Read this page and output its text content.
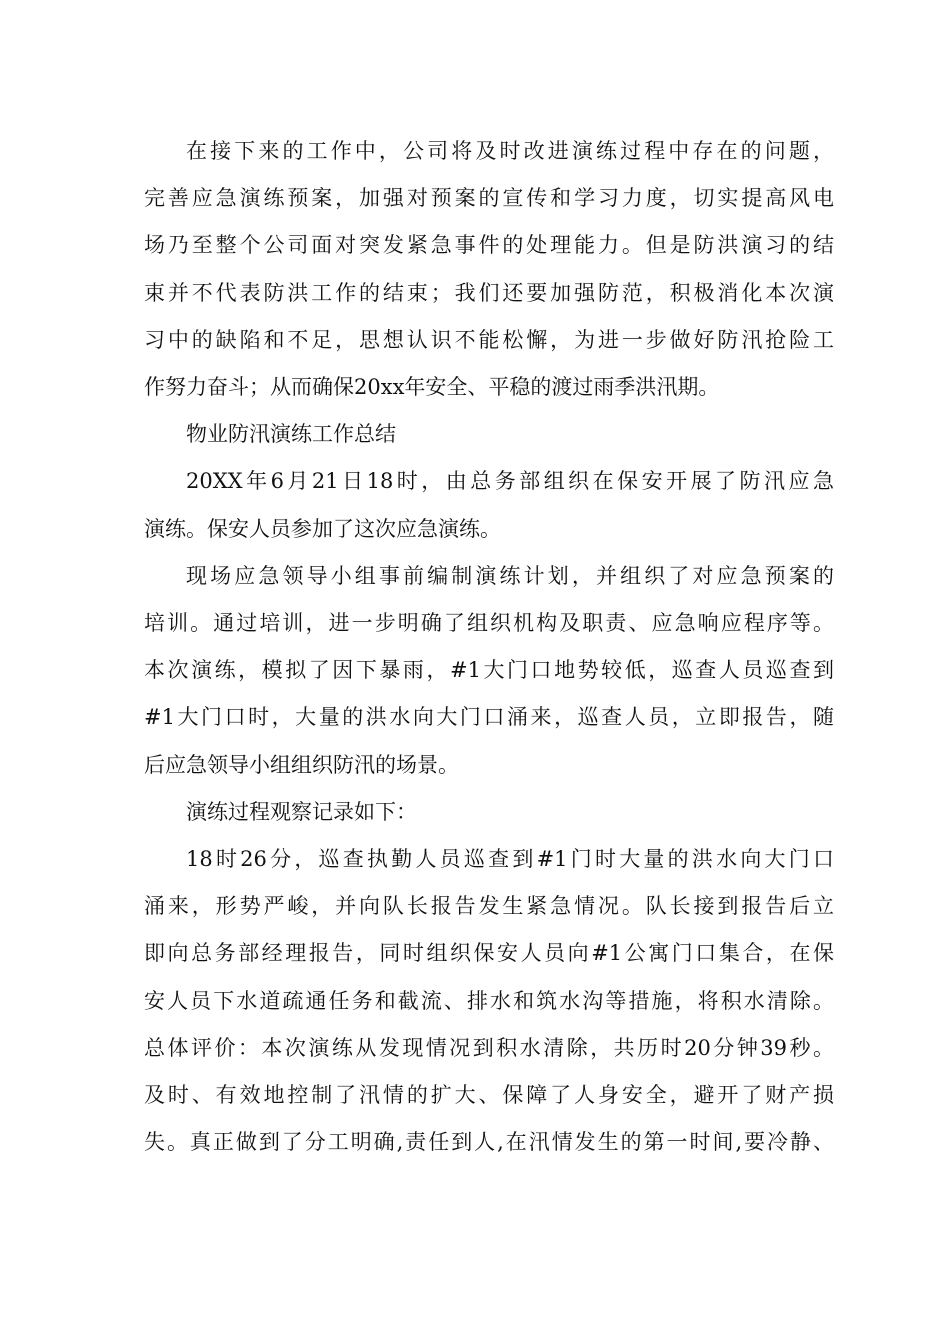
在接下来的工作中，公司将及时改进演练过程中存在的问题，
完善应急演练预案，加强对预案的宣传和学习力度，切实提高风电
场乃至整个公司面对突发紧急事件的处理能力。但是防洪演习的结
束并不代表防洪工作的结束；我们还要加强防范，积极消化本次演
习中的缺陷和不足，思想认识不能松懈，为进一步做好防汛抢险工
作努力奋斗；从而确保20xx年安全、平稳的渡过雨季洪汛期。
物业防汛演练工作总结
20XX年6月21日18时，由总务部组织在保安开展了防汛应急
演练。保安人员参加了这次应急演练。
现场应急领导小组事前编制演练计划，并组织了对应急预案的
培训。通过培训，进一步明确了组织机构及职责、应急响应程序等。
本次演练，模拟了因下暴雨，#1大门口地势较低，巡查人员巡查到
#1大门口时，大量的洪水向大门口涌来，巡查人员，立即报告，随
后应急领导小组组织防汛的场景。
演练过程观察记录如下：
18时26分，巡查执勤人员巡查到#1门时大量的洪水向大门口
涌来，形势严峻，并向队长报告发生紧急情况。队长接到报告后立
即向总务部经理报告，同时组织保安人员向#1公寓门口集合，在保
安人员下水道疏通任务和截流、排水和筑水沟等措施，将积水清除。
总体评价：本次演练从发现情况到积水清除，共历时20分钟39秒。
及时、有效地控制了汛情的扩大、保障了人身安全，避开了财产损
失。真正做到了分工明确,责任到人,在汛情发生的第一时间,要冷静、
